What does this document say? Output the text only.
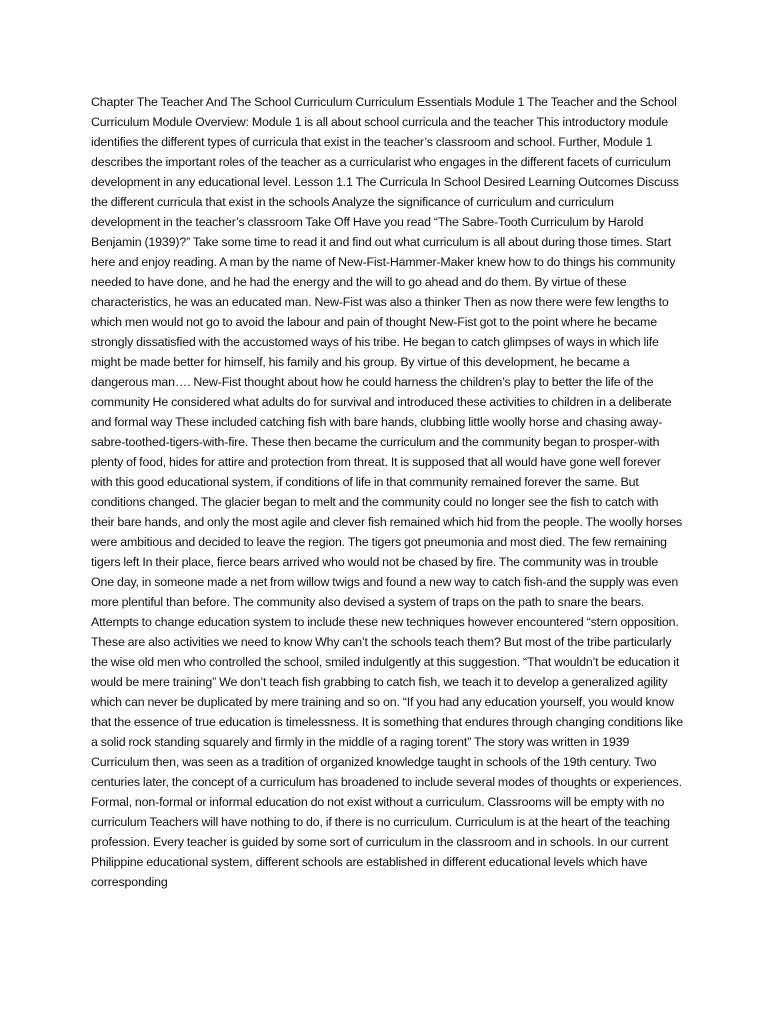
Chapter The Teacher And The School Curriculum Curriculum Essentials Module 1 The Teacher and the School Curriculum Module Overview: Module 1 is all about school curricula and the teacher This introductory module identifies the different types of curricula that exist in the teacher’s classroom and school. Further, Module 1 describes the important roles of the teacher as a curricularist who engages in the different facets of curriculum development in any educational level. Lesson 1.1 The Curricula In School Desired Learning Outcomes Discuss the different curricula that exist in the schools Analyze the significance of curriculum and curriculum development in the teacher’s classroom Take Off Have you read “The Sabre-Tooth Curriculum by Harold Benjamin (1939)?” Take some time to read it and find out what curriculum is all about during those times. Start here and enjoy reading. A man by the name of New-Fist-Hammer-Maker knew how to do things his community needed to have done, and he had the energy and the will to go ahead and do them. By virtue of these characteristics, he was an educated man. New-Fist was also a thinker Then as now there were few lengths to which men would not go to avoid the labour and pain of thought New-Fist got to the point where he became strongly dissatisfied with the accustomed ways of his tribe. He began to catch glimpses of ways in which life might be made better for himself, his family and his group. By virtue of this development, he became a dangerous man…. New-Fist thought about how he could harness the children’s play to better the life of the community He considered what adults do for survival and introduced these activities to children in a deliberate and formal way These included catching fish with bare hands, clubbing little woolly horse and chasing away-sabre-toothed-tigers-with-fire. These then became the curriculum and the community began to prosper-with plenty of food, hides for attire and protection from threat. It is supposed that all would have gone well forever with this good educational system, if conditions of life in that community remained forever the same. But conditions changed. The glacier began to melt and the community could no longer see the fish to catch with their bare hands, and only the most agile and clever fish remained which hid from the people. The woolly horses were ambitious and decided to leave the region. The tigers got pneumonia and most died. The few remaining tigers left In their place, fierce bears arrived who would not be chased by fire. The community was in trouble One day, in someone made a net from willow twigs and found a new way to catch fish-and the supply was even more plentiful than before. The community also devised a system of traps on the path to snare the bears. Attempts to change education system to include these new techniques however encountered “stern opposition. These are also activities we need to know Why can’t the schools teach them? But most of the tribe particularly the wise old men who controlled the school, smiled indulgently at this suggestion. “That wouldn’t be education it would be mere training” We don’t teach fish grabbing to catch fish, we teach it to develop a generalized agility which can never be duplicated by mere training and so on. “If you had any education yourself, you would know that the essence of true education is timelessness. It is something that endures through changing conditions like a solid rock standing squarely and firmly in the middle of a raging torent” The story was written in 1939 Curriculum then, was seen as a tradition of organized knowledge taught in schools of the 19th century. Two centuries later, the concept of a curriculum has broadened to include several modes of thoughts or experiences. Formal, non-formal or informal education do not exist without a curriculum. Classrooms will be empty with no curriculum Teachers will have nothing to do, if there is no curriculum. Curriculum is at the heart of the teaching profession. Every teacher is guided by some sort of curriculum in the classroom and in schools. In our current Philippine educational system, different schools are established in different educational levels which have corresponding
